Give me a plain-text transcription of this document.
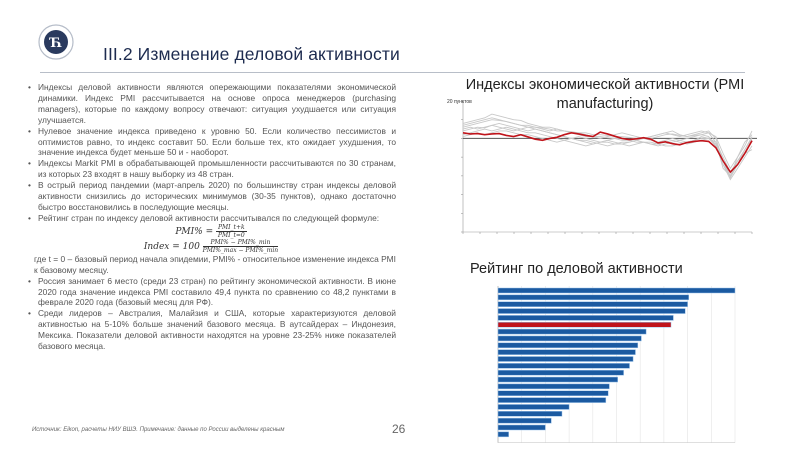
Ћ
III.2 Изменение деловой активности
• Индексы деловой активности являются опережающими показателями экономической динамики. Индекс PMI рассчитывается на основе опроса менеджеров (purchasing managers), которые по каждому вопросу отвечают: ситуация ухудшается или ситуация улучшается.
• Нулевое значение индекса приведено к уровню 50. Если количество пессимистов и оптимистов равно, то индекс составит 50. Если больше тех, кто ожидает ухудшения, то значение индекса будет меньше 50 и - наоборот.
• Индексы Markit PMI в обрабатывающей промышленности рассчитываются по 30 странам, из которых 23 входят в нашу выборку из 48 стран.
• В острый период пандемии (март-апрель 2020) по большинству стран индексы деловой активности снизились до исторических минимумов (30-35 пунктов), однако достаточно быстро восстановились в последующие месяцы.
• Рейтинг стран по индексу деловой активности рассчитывался по следующей формуле:
$PMI\% = \frac{\text{PMI\_t+k}}{\text{PMI\_t=0}}$
Index = $100 \frac{\text{PMI\% − PMI\%\_min}}{\text{PMI\%\_max − PMI\%\_min}}$
где t = 0 – базовый период начала эпидемии, PMI% - относительное изменение индекса PMI к базовому месяцу.
• Россия занимает 6 место (среди 23 стран) по рейтингу экономической активности. В июне 2020 года значение индекса PMI составило 49,4 пункта по сравнению со 48,2 пунктами в феврале 2020 года (базовый месяц для РФ).
• Среди лидеров – Австралия, Малайзия и США, которые характеризуются деловой активностью на 5-10% больше значений базового месяца. В аутсайдерах – Индонезия, Мексика. Показатели деловой активности находятся на уровне 23-25% ниже показателей базового месяца.
Индексы экономической активности (PMI manufacturing)
20 пунктов
Рейтинг по деловой активности
Источник: Eikon, расчеты НИУ ВШЭ. Примечание: данные по России выделены красным	26
